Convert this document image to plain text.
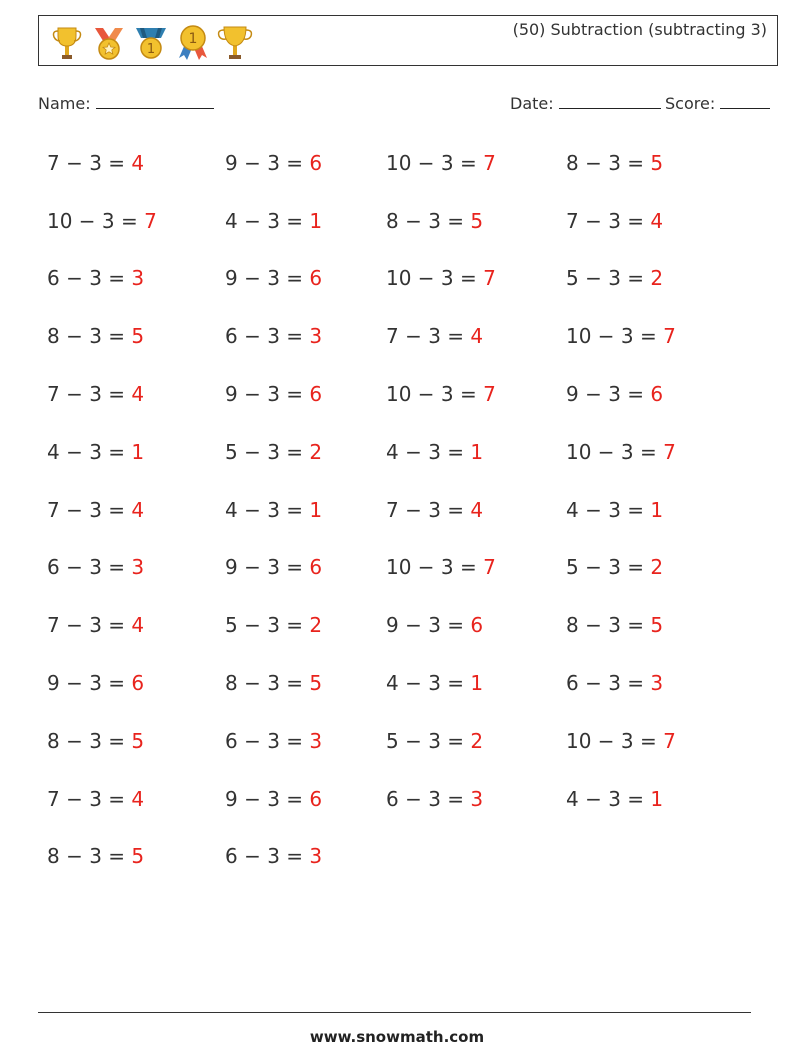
1
1	(50) Subtraction (subtracting 3)
Name:	Date:	Score:
7 − 3 = 4	9 − 3 = 6	10 − 3 = 7	8 − 3 = 5
10 − 3 = 7	4 − 3 = 1	8 − 3 = 5	7 − 3 = 4
6 − 3 = 3	9 − 3 = 6	10 − 3 = 7	5 − 3 = 2
8 − 3 = 5	6 − 3 = 3	7 − 3 = 4	10 − 3 = 7
7 − 3 = 4	9 − 3 = 6	10 − 3 = 7	9 − 3 = 6
4 − 3 = 1	5 − 3 = 2	4 − 3 = 1	10 − 3 = 7
7 − 3 = 4	4 − 3 = 1	7 − 3 = 4	4 − 3 = 1
6 − 3 = 3	9 − 3 = 6	10 − 3 = 7	5 − 3 = 2
7 − 3 = 4	5 − 3 = 2	9 − 3 = 6	8 − 3 = 5
9 − 3 = 6	8 − 3 = 5	4 − 3 = 1	6 − 3 = 3
8 − 3 = 5	6 − 3 = 3	5 − 3 = 2	10 − 3 = 7
7 − 3 = 4	9 − 3 = 6	6 − 3 = 3	4 − 3 = 1
8 − 3 = 5	6 − 3 = 3
www.snowmath.com
